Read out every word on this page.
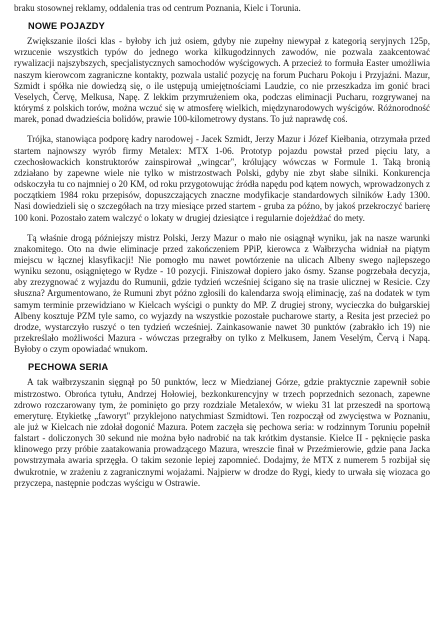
braku stosownej reklamy, oddalenia tras od centrum Poznania, Kielc i Torunia.

NOWE POJAZDY

Zwiększanie ilości klas - byłoby ich już osiem, gdyby nie zupełny niewypał z kategorią seryjnych 125p, wrzucenie wszystkich typów do jednego worka kilkugodzinnych zawodów, nie pozwala zaakcentować rywalizacji najszybszych, specjalistycznych samochodów wyścigowych. A przecież to formuła Easter umożliwia naszym kierowcom zagraniczne kontakty, pozwala ustalić pozycję na forum Pucharu Pokoju i Przyjaźni. Mazur, Szmidt i spółka nie dowiedzą się, o ile ustępują umiejętnościami Laudzie, co nie przeszkadza im gonić braci Veselych, Červę, Melkusa, Napę. Z lekkim przymrużeniem oka, podczas eliminacji Pucharu, rozgrywanej na którymś z polskich torów, można wczuć się w atmosferę wielkich, międzynarodowych wyścigów. Różnorodność marek, ponad dwadzieścia bolidów, prawie 100-kilometrowy dystans. To już naprawdę coś.

Trójka, stanowiąca podporę kadry narodowej - Jacek Szmidt, Jerzy Mazur i Józef Kiełbania, otrzymała przed startem najnowszy wyrób firmy Metalex: MTX 1-06. Prototyp pojazdu powstał przed pięciu laty, a czechosłowackich konstruktorów zainspirował „wingcar", królujący wówczas w Formule 1. Taką bronią zdziałano by zapewne wiele nie tylko w mistrzostwach Polski, gdyby nie zbyt słabe silniki. Konkurencja odskoczyła tu co najmniej o 20 KM, od roku przygotowując źródła napędu pod kątem nowych, wprowadzonych z początkiem 1984 roku przepisów, dopuszczających znaczne modyfikacje standardowych silników Łady 1300. Nasi dowiedzieli się o szczegółach na trzy miesiące przed startem - gruba za późno, by jakoś przekroczyć barierę 100 koni. Pozostało zatem walczyć o lokaty w drugiej dziesiątce i regularnie dojeżdżać do mety.

Tą właśnie drogą późniejszy mistrz Polski, Jerzy Mazur o mało nie osiągnął wyniku, jak na nasze warunki znakomitego. Oto na dwie eliminacje przed zakończeniem PPiP, kierowca z Wałbrzycha widniał na piątym miejscu w łącznej klasyfikacji! Nie pomogło mu nawet powtórzenie na ulicach Albeny swego najlepszego wyniku sezonu, osiągniętego w Rydze - 10 pozycji. Finiszował dopiero jako ósmy. Szanse pogrzebała decyzja, aby zrezygnować z wyjazdu do Rumunii, gdzie tydzień wcześniej ścigano się na trasie ulicznej w Resicie. Czy słuszna? Argumentowano, że Rumuni zbyt późno zgłosili do kalendarza swoją eliminację, zaś na dodatek w tym samym terminie przewidziano w Kielcach wyścigi o punkty do MP. Z drugiej strony, wycieczka do bułgarskiej Albeny kosztuje PZM tyle samo, co wyjazdy na wszystkie pozostałe pucharowe starty, a Resita jest przecież po drodze, wystarczyło ruszyć o ten tydzień wcześniej. Zainkasowanie nawet 30 punktów (zabrakło ich 19) nie przekreślało możliwości Mazura - wówczas przegrałby on tylko z Melkusem, Janem Veselým, Červą i Napą. Byłoby o czym opowiadać wnukom.

PECHOWA SERIA

A tak wałbrzyszanin sięgnął po 50 punktów, lecz w Miedzianej Górze, gdzie praktycznie zapewnił sobie mistrzostwo. Obrońca tytułu, Andrzej Hołowiej, bezkonkurencyjny w trzech poprzednich sezonach, zapewne zdrowo rozczarowany tym, że pominięto go przy rozdziale Metalexów, w wieku 31 lat przeszedł na sportową emeryturę. Etykietkę „faworyt" przyklejono natychmiast Szmidtowi. Ten rozpoczął od zwycięstwa w Poznaniu, ale już w Kielcach nie zdołał dogonić Mazura. Potem zaczęła się pechowa seria: w rodzinnym Toruniu popełnił falstart - doliczonych 30 sekund nie można było nadrobić na tak krótkim dystansie. Kielce II - pęknięcie paska klinowego przy próbie zaatakowania prowadzącego Mazura, wreszcie finał w Przeźmierowie, gdzie pana Jacka powstrzymała awaria sprzęgła. O takim sezonie lepiej zapomnieć. Dodajmy, że MTX z numerem 5 rozbijał się dwukrotnie, w zrażeniu z zagranicznymi wojażami. Najpierw w drodze do Rygi, kiedy to urwała się wiozaca go przyczepa, następnie podczas wyścigu w Ostrawie.
